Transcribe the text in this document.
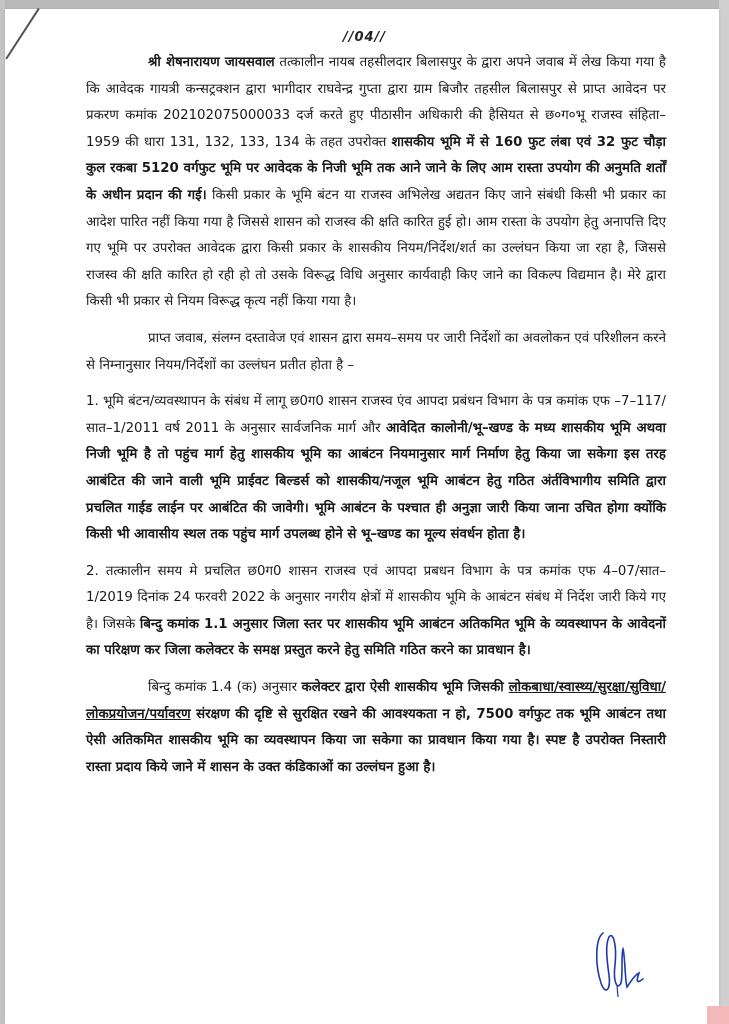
//04//

श्री शेषनारायण जायसवाल तत्कालीन नायब तहसीलदार बिलासपुर के द्वारा अपने जवाब में लेख किया गया है कि आवेदक गायत्री कन्सट्रक्शन द्वारा भागीदार राघवेन्द्र गुप्ता द्वारा ग्राम बिजौर तहसील बिलासपुर से प्राप्त आवेदन पर प्रकरण कमांक 202102075000033 दर्ज करते हुए पीठासीन अधिकारी की हैसियत से छ०ग०भू राजस्व संहिता–1959 की धारा 131, 132, 133, 134 के तहत उपरोक्त शासकीय भूमि में से 160 फुट लंबा एवं 32 फुट चौड़ा कुल रकबा 5120 वर्गफुट भूमि पर आवेदक के निजी भूमि तक आने जाने के लिए आम रास्ता उपयोग की अनुमति शर्तों के अधीन प्रदान की गई। किसी प्रकार के भूमि बंटन या राजस्व अभिलेख अद्यतन किए जाने संबंधी किसी भी प्रकार का आदेश पारित नहीं किया गया है जिससे शासन को राजस्व की क्षति कारित हुई हो। आम रास्ता के उपयोग हेतु अनापत्ति दिए गए भूमि पर उपरोक्त आवेदक द्वारा किसी प्रकार के शासकीय नियम/निर्देश/शर्त का उल्लंघन किया जा रहा है, जिससे राजस्व की क्षति कारित हो रही हो तो उसके विरूद्ध विधि अनुसार कार्यवाही किए जाने का विकल्प विद्यमान है। मेरे द्वारा किसी भी प्रकार से नियम विरूद्ध कृत्य नहीं किया गया है।

प्राप्त जवाब, संलग्न दस्तावेज एवं शासन द्वारा समय–समय पर जारी निर्देशों का अवलोकन एवं परिशीलन करने से निम्नानुसार नियम/निर्देशों का उल्लंघन प्रतीत होता है –

1. भूमि बंटन/व्यवस्थापन के संबंध में लागू छ0ग0 शासन राजस्व एंव आपदा प्रबंधन विभाग के पत्र कमांक एफ –7–117/सात–1/2011 वर्ष 2011 के अनुसार सार्वजनिक मार्ग और आवेदित कालोनी/भू–खण्ड के मध्य शासकीय भूमि अथवा निजी भूमि है तो पहुंच मार्ग हेतु शासकीय भूमि का आबंटन नियमानुसार मार्ग निर्माण हेतु किया जा सकेगा इस तरह आबंटित की जाने वाली भूमि प्राईवट बिल्डर्स को शासकीय/नजूल भूमि आबंटन हेतु गठित अंर्तविभागीय समिति द्वारा प्रचलित गाईड लाईन पर आबंटित की जावेगी। भूमि आबंटन के पश्चात ही अनुज्ञा जारी किया जाना उचित होगा क्योंकि किसी भी आवासीय स्थल तक पहुंच मार्ग उपलब्ध होने से भू–खण्ड का मूल्य संवर्धन होता है।

2. तत्कालीन समय मे प्रचलित छ0ग0 शासन राजस्व एवं आपदा प्रबधन विभाग के पत्र कमांक एफ 4–07/सात–1/2019 दिनांक 24 फरवरी 2022 के अनुसार नगरीय क्षेत्रों में शासकीय भूमि के आबंटन संबंध में निर्देश जारी किये गए है। जिसके बिन्दु कमांक 1.1 अनुसार जिला स्तर पर शासकीय भूमि आबंटन अतिकमित भूमि के व्यवस्थापन के आवेदनों का परिक्षण कर जिला कलेक्टर के समक्ष प्रस्तुत करने हेतु समिति गठित करने का प्रावधान है।

बिन्दु कमांक 1.4 (क) अनुसार कलेक्टर द्वारा ऐसी शासकीय भूमि जिसकी लोकबाधा/स्वास्थ्य/सुरक्षा/सुविधा/लोकप्रयोजन/पर्यावरण संरक्षण की दृष्टि से सुरक्षित रखने की आवश्यकता न हो, 7500 वर्गफुट तक भूमि आबंटन तथा ऐसी अतिकमित शासकीय भूमि का व्यवस्थापन किया जा सकेगा का प्रावधान किया गया है। स्पष्ट है उपरोक्त निस्तारी रास्ता प्रदाय किये जाने में शासन के उक्त कंडिकाओं का उल्लंघन हुआ है।
